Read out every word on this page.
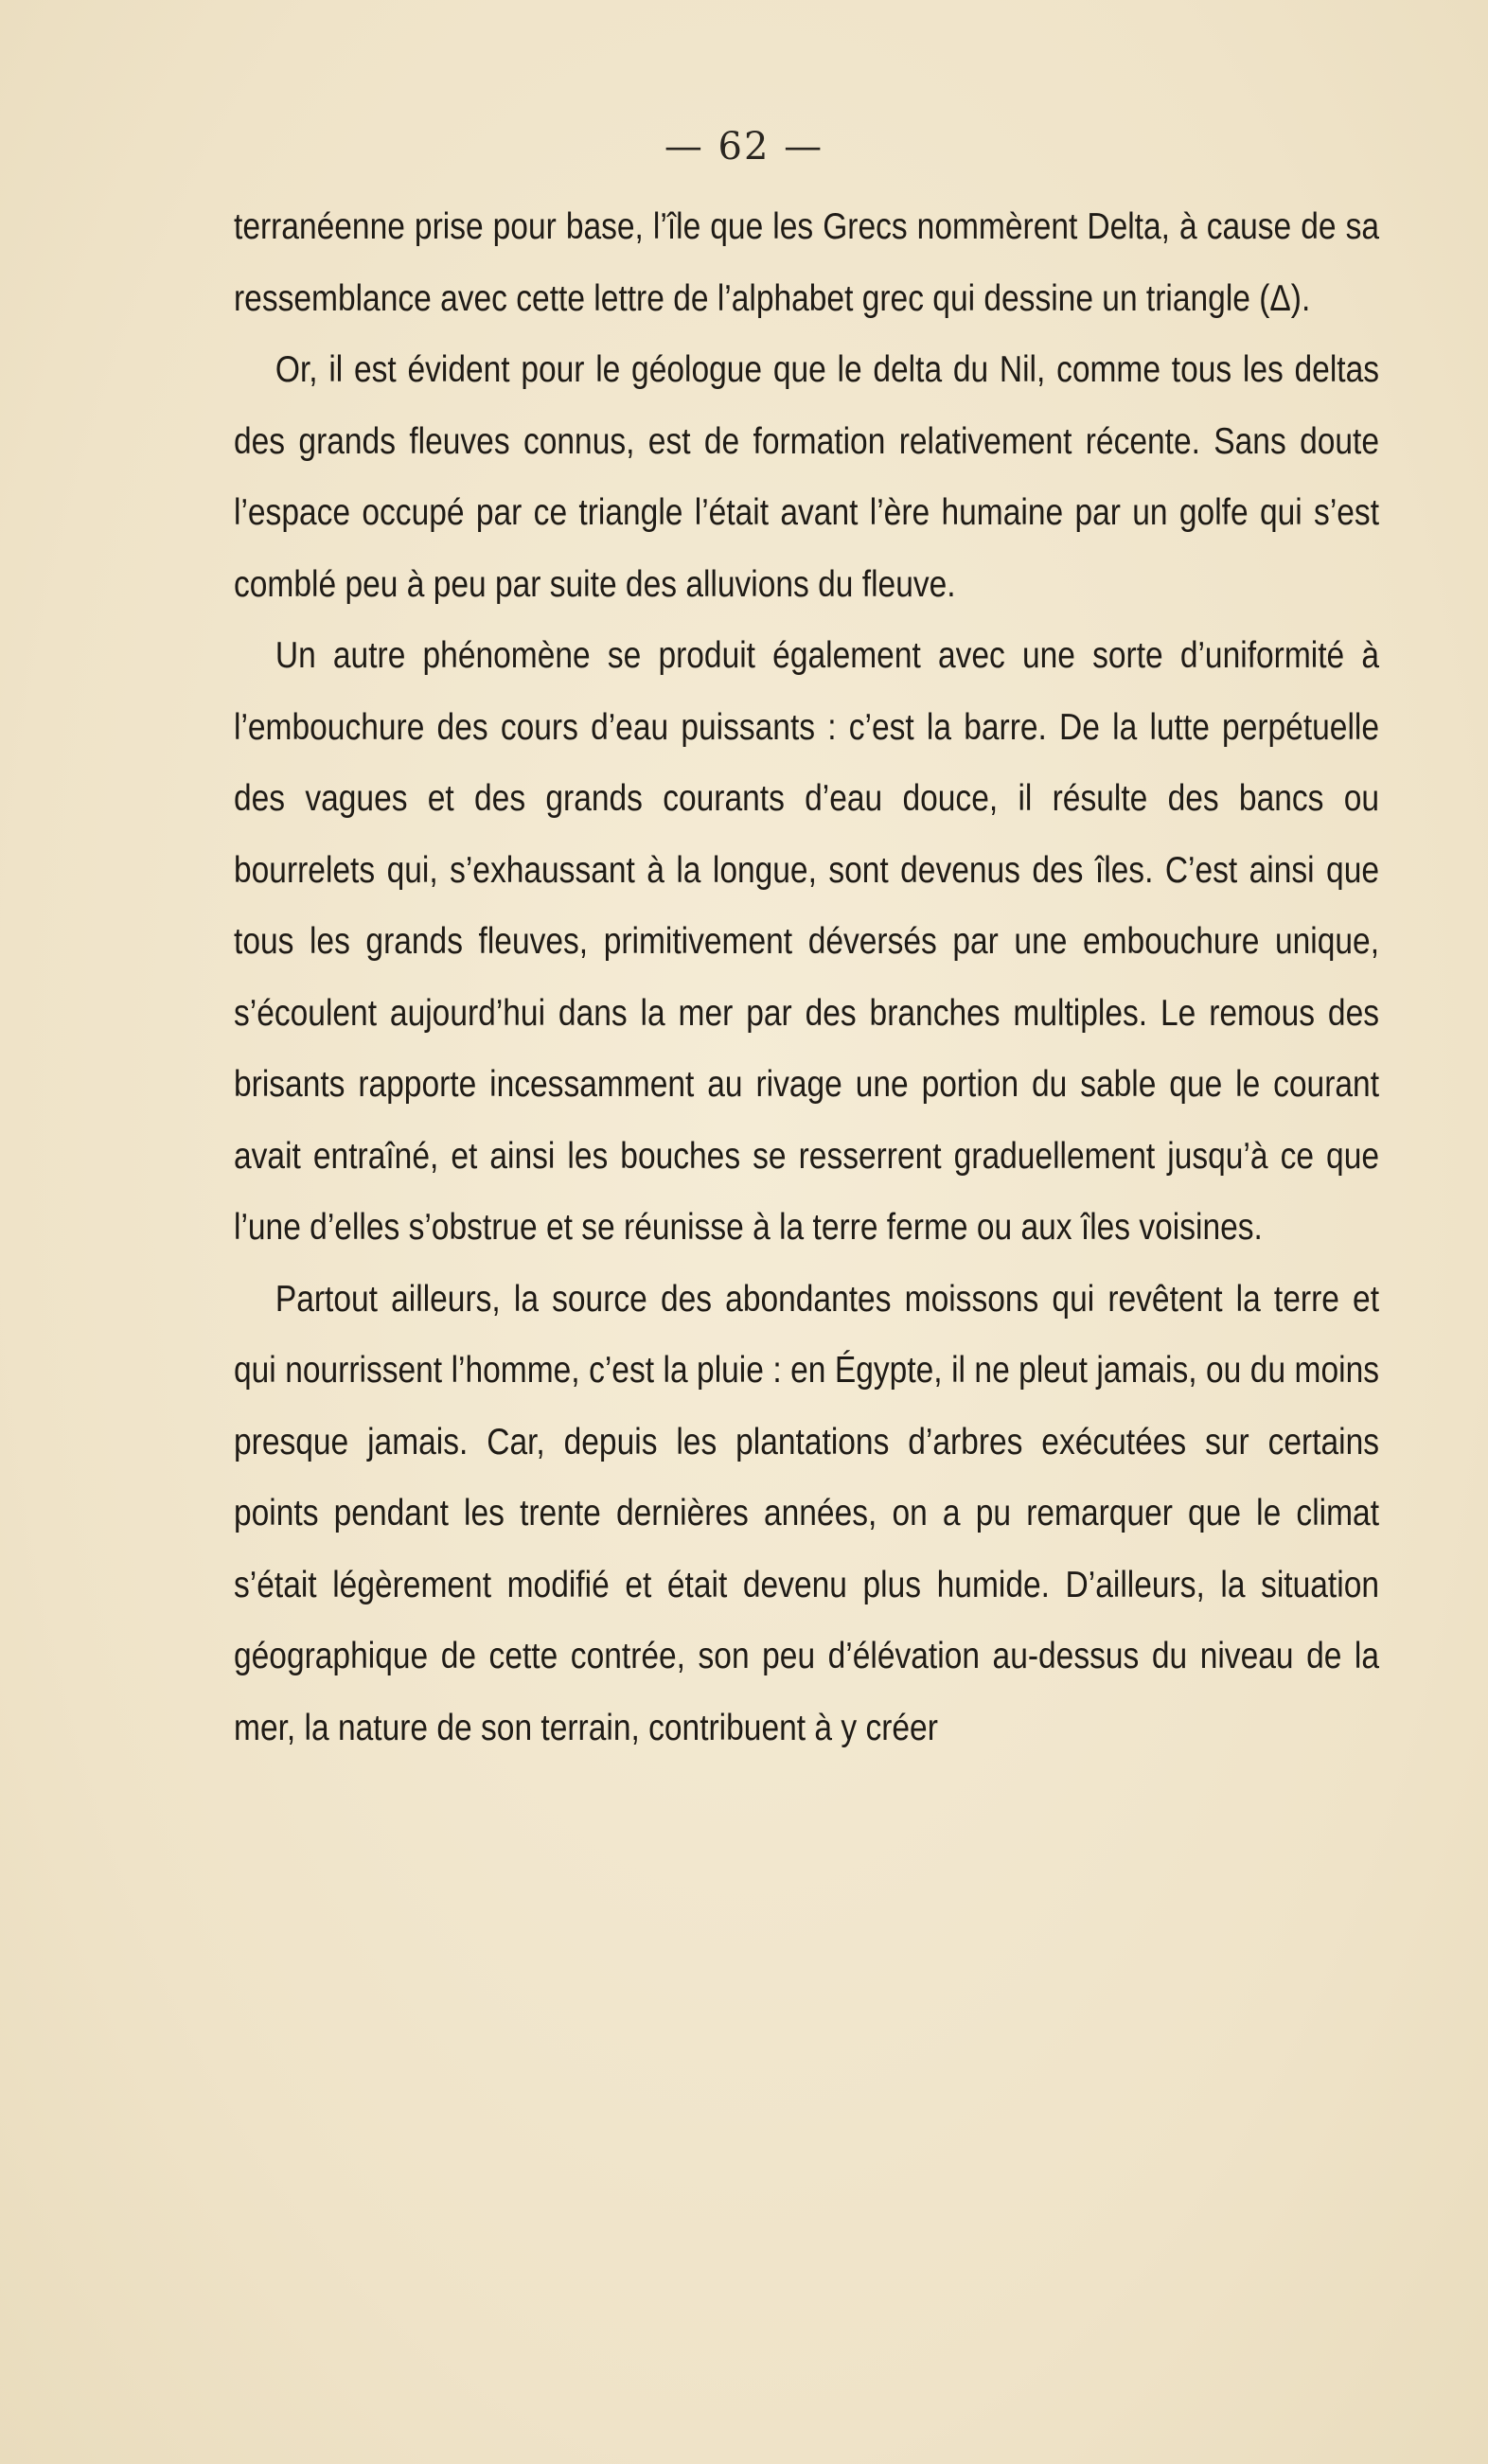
— 62 —

terranéenne prise pour base, l’île que les Grecs nommèrent Delta, à cause de sa ressemblance avec cette lettre de l’alphabet grec qui dessine un triangle (Δ).

Or, il est évident pour le géologue que le delta du Nil, comme tous les deltas des grands fleuves connus, est de formation relativement récente. Sans doute l’espace occupé par ce triangle l’était avant l’ère humaine par un golfe qui s’est comblé peu à peu par suite des alluvions du fleuve.

Un autre phénomène se produit également avec une sorte d’uniformité à l’embouchure des cours d’eau puissants : c’est la barre. De la lutte perpétuelle des vagues et des grands courants d’eau douce, il résulte des bancs ou bourrelets qui, s’exhaussant à la longue, sont devenus des îles. C’est ainsi que tous les grands fleuves, primitivement déversés par une embouchure unique, s’écoulent aujourd’hui dans la mer par des branches multiples. Le remous des brisants rapporte incessamment au rivage une portion du sable que le courant avait entraîné, et ainsi les bouches se resserrent graduellement jusqu’à ce que l’une d’elles s’obstrue et se réunisse à la terre ferme ou aux îles voisines.

Partout ailleurs, la source des abondantes moissons qui revêtent la terre et qui nourrissent l’homme, c’est la pluie : en Égypte, il ne pleut jamais, ou du moins presque jamais. Car, depuis les plantations d’arbres exécutées sur certains points pendant les trente dernières années, on a pu remarquer que le climat s’était légèrement modifié et était devenu plus humide. D’ailleurs, la situation géographique de cette contrée, son peu d’élévation au-dessus du niveau de la mer, la nature de son terrain, contribuent à y créer
